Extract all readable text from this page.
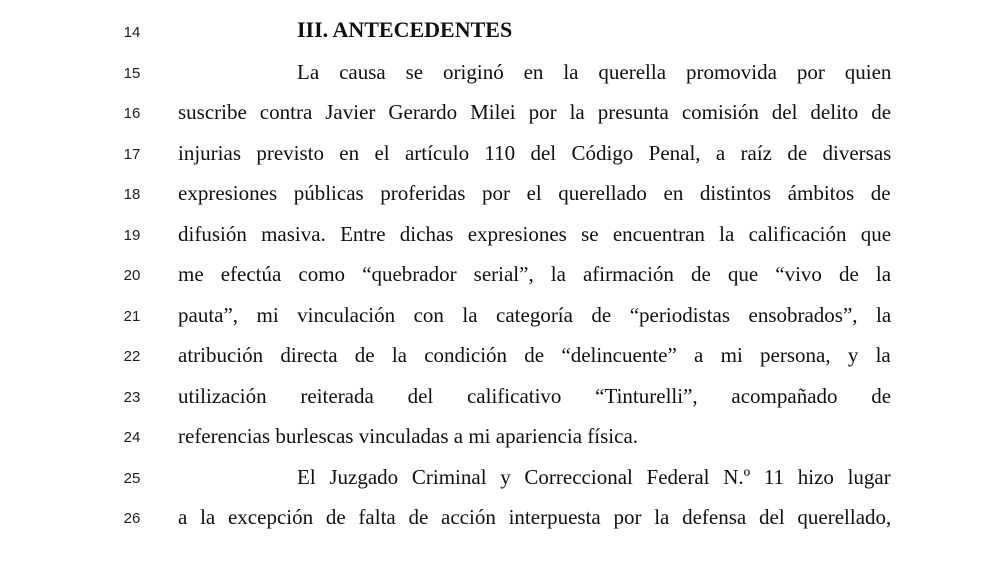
14	III. ANTECEDENTES
15	La causa se originó en la querella promovida por quien
16	suscribe contra Javier Gerardo Milei por la presunta comisión del delito de
17	injurias previsto en el artículo 110 del Código Penal, a raíz de diversas
18	expresiones públicas proferidas por el querellado en distintos ámbitos de
19	difusión masiva. Entre dichas expresiones se encuentran la calificación que
20	me efectúa como “quebrador serial”, la afirmación de que “vivo de la
21	pauta”, mi vinculación con la categoría de “periodistas ensobrados”, la
22	atribución directa de la condición de “delincuente” a mi persona, y la
23	utilización reiterada del calificativo “Tinturelli”, acompañado de
24	referencias burlescas vinculadas a mi apariencia física.
25	El Juzgado Criminal y Correccional Federal N.º 11 hizo lugar
26	a la excepción de falta de acción interpuesta por la defensa del querellado,
